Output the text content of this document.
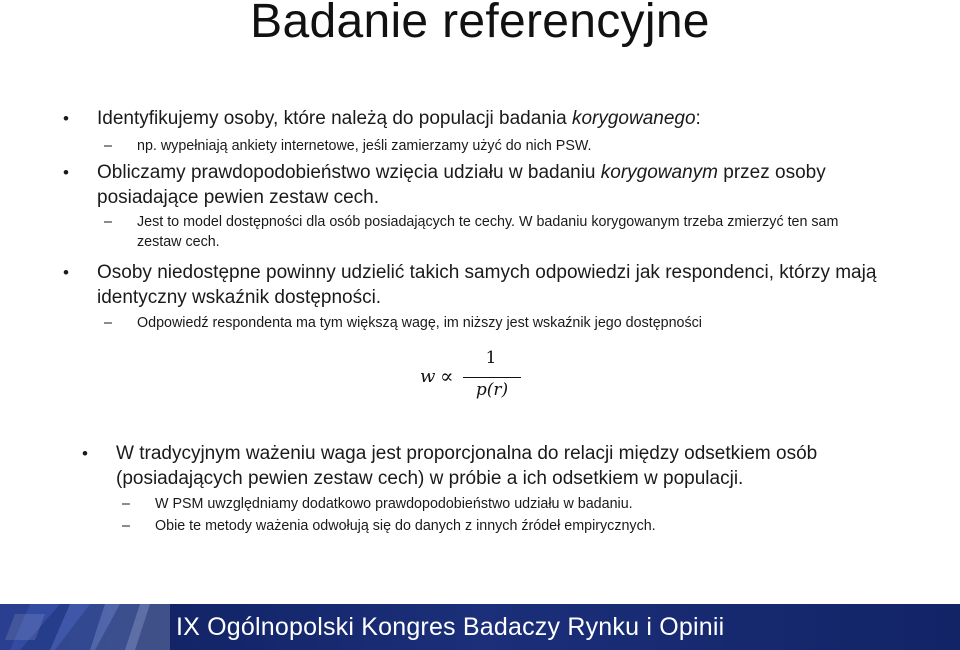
Badanie referencyjne
• Identyfikujemy osoby, które należą do populacji badania korygowanego:
– np. wypełniają ankiety internetowe, jeśli zamierzamy użyć do nich PSW.
• Obliczamy prawdopodobieństwo wzięcia udziału w badaniu korygowanym przez osoby posiadające pewien zestaw cech.
– Jest to model dostępności dla osób posiadających te cechy. W badaniu korygowanym trzeba zmierzyć ten sam zestaw cech.
• Osoby niedostępne powinny udzielić takich samych odpowiedzi jak respondenci, którzy mają identyczny wskaźnik dostępności.
– Odpowiedź respondenta ma tym większą wagę, im niższy jest wskaźnik jego dostępności
w ∝
1
p(r)
• W tradycyjnym ważeniu waga jest proporcjonalna do relacji między odsetkiem osób (posiadających pewien zestaw cech) w próbie a ich odsetkiem w populacji.
– W PSM uwzględniamy dodatkowo prawdopodobieństwo udziału w badaniu.
– Obie te metody ważenia odwołują się do danych z innych źródeł empirycznych.
IX Ogólnopolski Kongres Badaczy Rynku i Opinii
